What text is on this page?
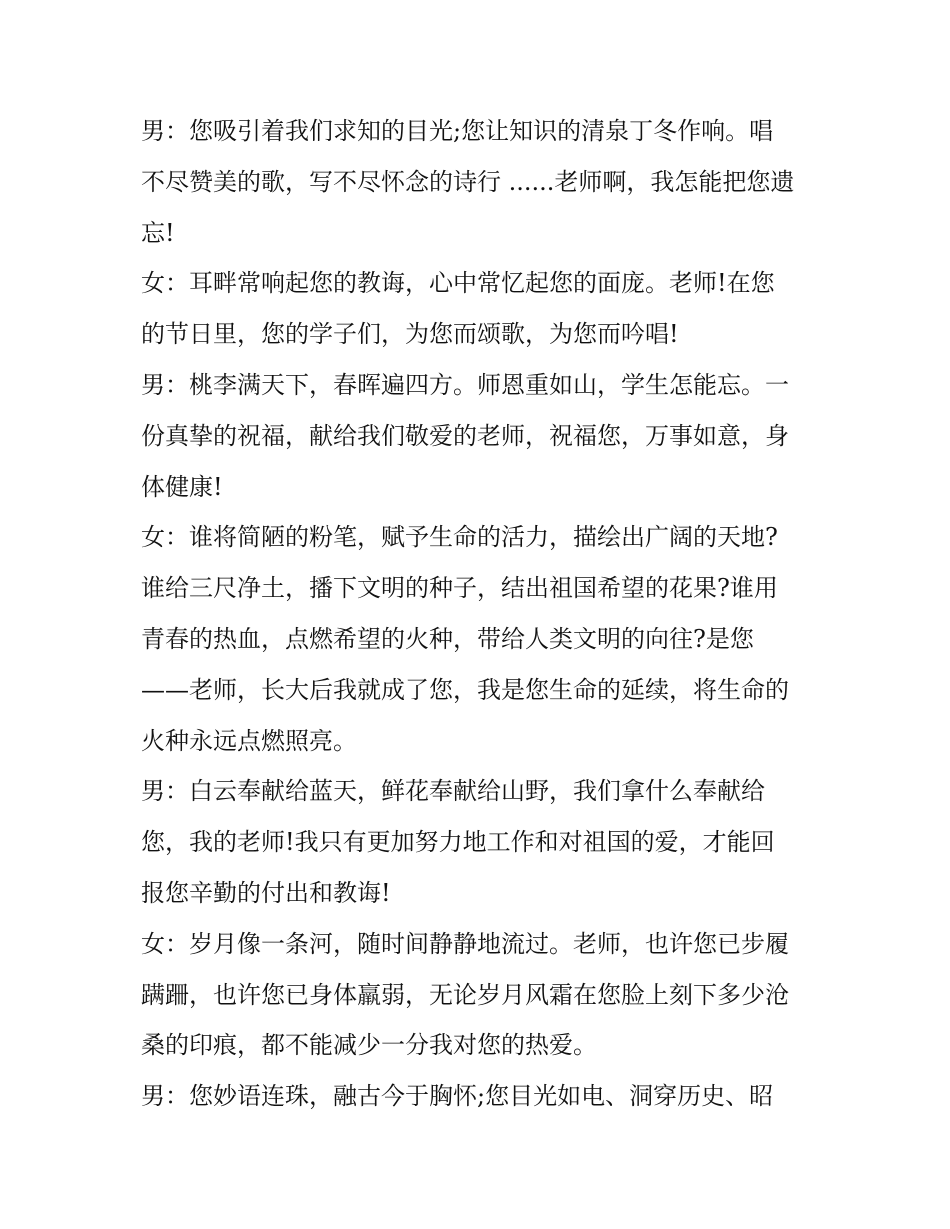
男：您吸引着我们求知的目光;您让知识的清泉丁冬作响。唱
不尽赞美的歌，写不尽怀念的诗行 ......老师啊，我怎能把您遗
忘!

女：耳畔常响起您的教诲，心中常忆起您的面庞。老师!在您
的节日里，您的学子们，为您而颂歌，为您而吟唱!

男：桃李满天下，春晖遍四方。师恩重如山，学生怎能忘。一
份真挚的祝福，献给我们敬爱的老师，祝福您，万事如意，身
体健康!

女：谁将简陋的粉笔，赋予生命的活力，描绘出广阔的天地?
谁给三尺净土，播下文明的种子，结出祖国希望的花果?谁用
青春的热血，点燃希望的火种，带给人类文明的向往?是您
——老师，长大后我就成了您，我是您生命的延续，将生命的
火种永远点燃照亮。

男：白云奉献给蓝天，鲜花奉献给山野，我们拿什么奉献给
您，我的老师!我只有更加努力地工作和对祖国的爱，才能回
报您辛勤的付出和教诲!

女：岁月像一条河，随时间静静地流过。老师，也许您已步履
蹒跚，也许您已身体羸弱，无论岁月风霜在您脸上刻下多少沧
桑的印痕，都不能减少一分我对您的热爱。

男：您妙语连珠，融古今于胸怀;您目光如电、洞穿历史、昭
